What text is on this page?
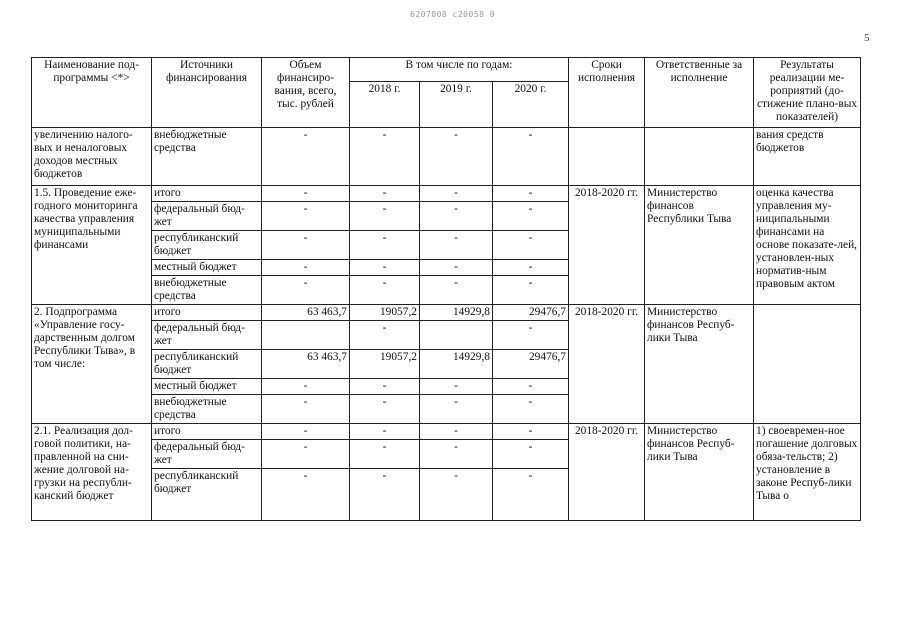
6207008 с20058 0
5
Наименование под-программы <*>	Источники финансирования	Объем финансиро-вания, всего, тыс. рублей	В том числе по годам:			Сроки исполнения	Ответственные за исполнение	Результаты реализации ме-роприятий (до-стижение плано-вых показателей)
			2018 г.	2019 г.	2020 г.			
увеличению налого-вых и неналоговых доходов местных бюджетов	внебюджетные средства	-	-	-	-			вания средств бюджетов
1.5. Проведение еже-годного мониторинга качества управления муниципальными финансами	итого	-	-	-	-	2018-2020 гг.	Министерство финансов Республики Тыва	оценка качества управления му-ниципальными финансами на основе показате-лей, установлен-ных норматив-ным правовым актом
	федеральный бюд-жет	-	-	-	-			
	республиканский бюджет	-	-	-	-			
	местный бюджет	-	-	-	-			
	внебюджетные средства	-	-	-	-			
2. Подпрограмма «Управление госу-дарственным долгом Республики Тыва», в том числе:	итого	63 463,7	19057,2	14929,8	29476,7	2018-2020 гг.	Министерство финансов Респуб-лики Тыва	
	федеральный бюд-жет		-		-			
	республиканский бюджет	63 463,7	19057,2	14929,8	29476,7			
	местный бюджет	-	-	-	-			
	внебюджетные средства	-	-	-	-			
2.1. Реализация дол-говой политики, на-правленной на сни-жение долговой на-грузки на республи-канский бюджет	итого	-	-	-	-	2018-2020 гг.	Министерство финансов Респуб-лики Тыва	1) своевремен-ное погашение долговых обяза-тельств; 2) установление в законе Респуб-лики Тыва о
	федеральный бюд-жет	-	-	-	-			
	республиканский бюджет	-	-	-	-			
